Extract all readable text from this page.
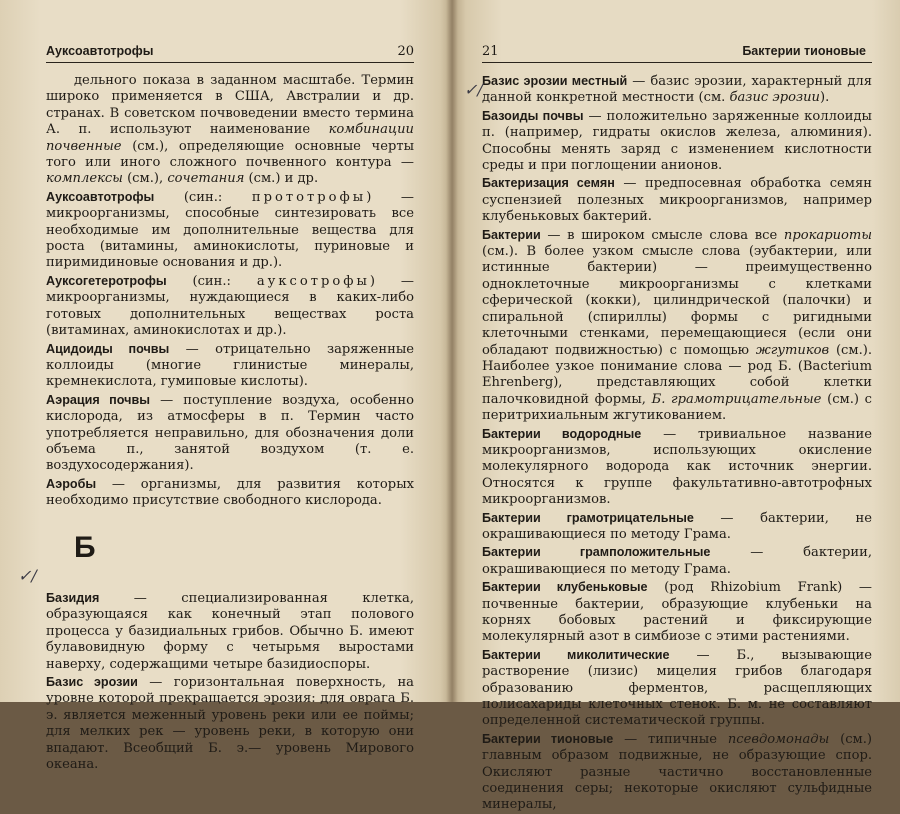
Ауксоавтотрофы	20

дельного показа в заданном масштабе. Термин широко применяется в США, Австралии и др. странах. В советском почвоведении вместо термина А. п. используют наименование комбинации почвенные (см.), определяющие основные черты того или иного сложного почвенного контура — комплексы (см.), сочетания (см.) и др.

Ауксоавтотрофы (син.: прототрофы) — микроорганизмы, способные синтезировать все необходимые им дополнительные вещества для роста (витамины, аминокислоты, пуриновые и пиримидиновые основания и др.).

Ауксогетеротрофы (син.: ауксотрофы) — микроорганизмы, нуждающиеся в каких-либо готовых дополнительных веществах роста (витаминах, аминокислотах и др.).

Ацидоиды почвы — отрицательно заряженные коллоиды (многие глинистые минералы, кремнекислота, гумиповые кислоты).

Аэрация почвы — поступление воздуха, особенно кислорода, из атмосферы в п. Термин часто употребляется неправильно, для обозначения доли объема п., занятой воздухом (т. е. воздухосодержания).

Аэробы — организмы, для развития которых необходимо присутствие свободного кислорода.

Б

Базидия	— специализированная клетка, образующаяся как конечный этап полового процесса у базидиальных грибов. Обычно Б. имеют булавовидную форму с четырьмя выростами наверху, содержащими четыре базидиоспоры.

Базис эрозии — горизонтальная поверхность, на уровне которой прекращается эрозия: для оврага Б. э. является меженный уровень реки или ее поймы; для мелких рек — уровень реки, в которую они впадают. Всеобщий Б. э.— уровень Мирового океана.

✓/
21	Бактерии тионовые

Базис эрозии местный — базис эрозии, характерный для данной конкретной местности (см. базис эрозии).

Базоиды почвы — положительно заряженные коллоиды п. (например, гидраты окислов железа, алюминия). Способны менять заряд с изменением кислотности среды и при поглощении анионов.

Бактеризация семян — предпосевная обработка семян суспензией полезных микроорганизмов, например клубеньковых бактерий.

Бактерии — в широком смысле слова все прокариоты (см.). В более узком смысле слова (эубактерии, или истинные бактерии) — преимущественно одноклеточные микроорганизмы с клетками сферической (кокки), цилиндрической (палочки) и спиральной (спириллы) формы с ригидными клеточными стенками, перемещающиеся (если они обладают подвижностью) с помощью жгутиков (см.). Наиболее узкое понимание слова — род Б. (Bacterium Ehrenberg), представляющих собой клетки палочковидной формы, Б. грамотрицательные (см.) с перитрихиальным жгутикованием.

Бактерии водородные — тривиальное название микроорганизмов, использующих окисление молекулярного водорода как источник энергии. Относятся к группе факультативно-автотрофных микроорганизмов.

Бактерии грамотрицательные — бактерии, не окрашивающиеся по методу Грама.

Бактерии грамположительные	— бактерии, окрашивающиеся по методу Грама.

Бактерии клубеньковые (род Rhizobium Frank) — почвенные бактерии, образующие клубеньки на корнях бобовых растений и фиксирующие молекулярный азот в симбиозе с этими растениями.

Бактерии миколитические — Б., вызывающие растворение (лизис) мицелия грибов благодаря образованию ферментов, расщепляющих полисахариды клеточных стенок. Б. м. не составляют определенной систематической группы.

Бактерии тионовые — типичные псевдомонады (см.) главным образом подвижные, не образующие спор. Окисляют разные частично восстановленные соединения серы; некоторые окисляют сульфидные минералы,

✓/
